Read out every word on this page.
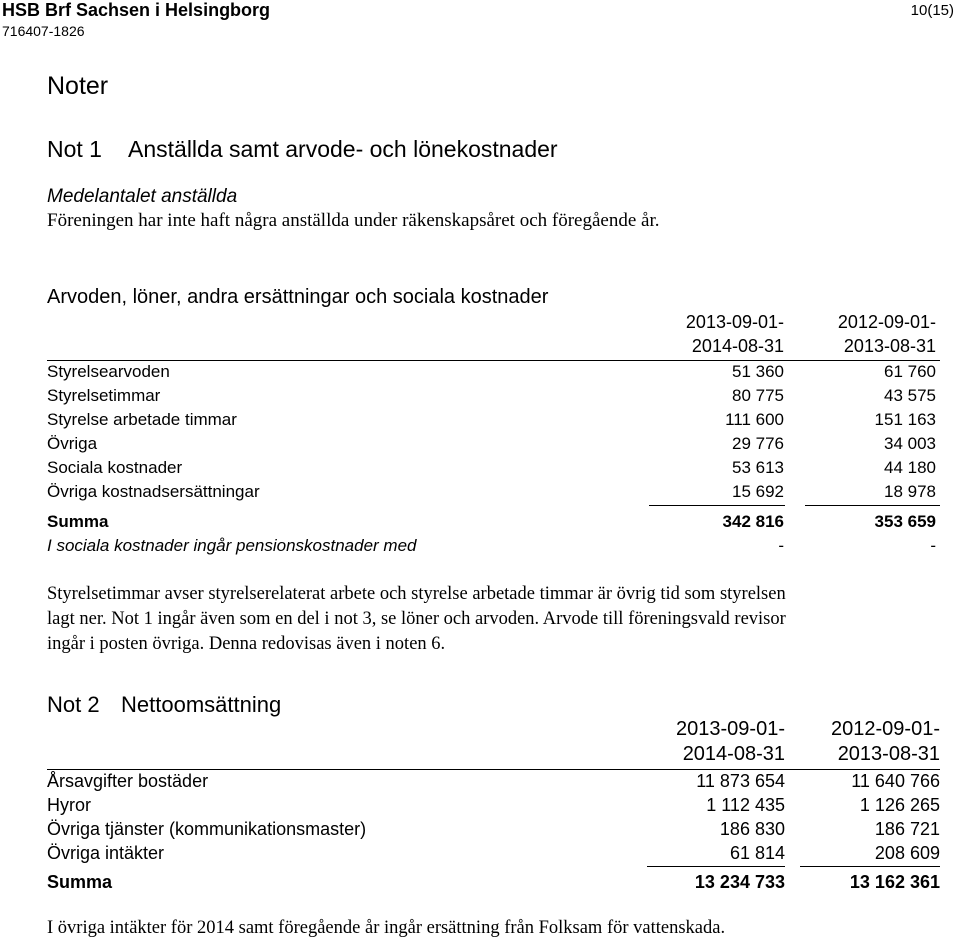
HSB Brf Sachsen i Helsingborg
716407-1826
10(15)
Noter
Not 1 Anställda samt arvode- och lönekostnader
Medelantalet anställda
Föreningen har inte haft några anställda under räkenskapsåret och föregående år.
Arvoden, löner, andra ersättningar och sociala kostnader
2013-09-01-
2014-08-31
2012-09-01-
2013-08-31
Styrelsearvoden	51 360	61 760
Styrelsetimmar	80 775	43 575
Styrelse arbetade timmar	111 600	151 163
Övriga	29 776	34 003
Sociala kostnader	53 613	44 180
Övriga kostnadsersättningar	15 692	18 978
Summa	342 816	353 659
I sociala kostnader ingår pensionskostnader med	-	-
Styrelsetimmar avser styrelserelaterat arbete och styrelse arbetade timmar är övrig tid som styrelsen
lagt ner. Not 1 ingår även som en del i not 3, se löner och arvoden. Arvode till föreningsvald revisor
ingår i posten övriga. Denna redovisas även i noten 6.
Not 2 Nettoomsättning
2013-09-01-
2014-08-31
2012-09-01-
2013-08-31
Årsavgifter bostäder	11 873 654	11 640 766
Hyror	1 112 435	1 126 265
Övriga tjänster (kommunikationsmaster)	186 830	186 721
Övriga intäkter	61 814	208 609
Summa	13 234 733	13 162 361
I övriga intäkter för 2014 samt föregående år ingår ersättning från Folksam för vattenskada.
